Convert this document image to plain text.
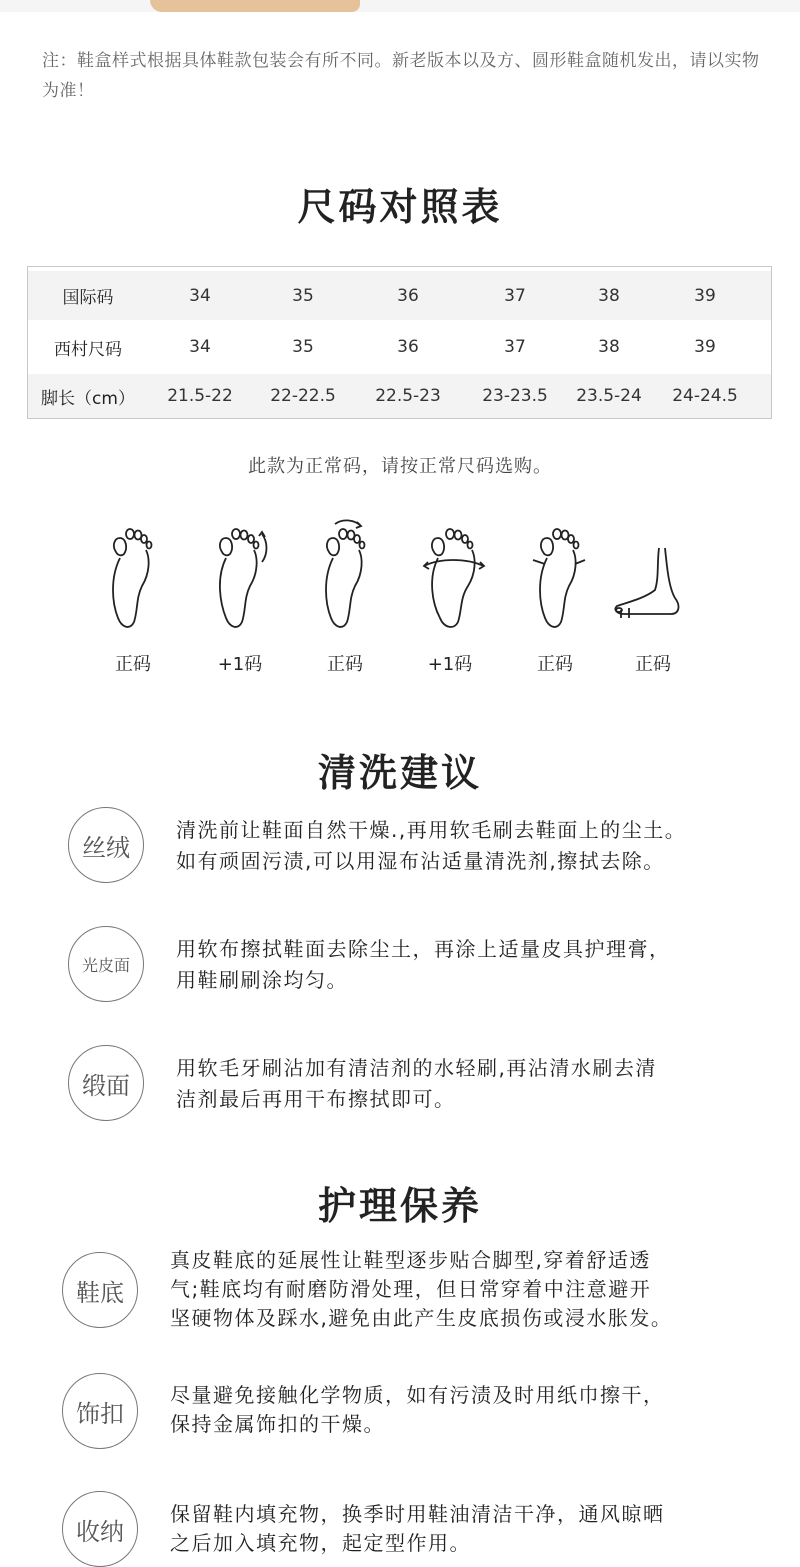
注：鞋盒样式根据具体鞋款包装会有所不同。新老版本以及方、圆形鞋盒随机发出，请以实物为准！
尺码对照表
国际码	34	35	36	37	38	39
西村尺码	34	35	36	37	38	39
脚长（cm）	21.5-22	22-22.5	22.5-23	23-23.5	23.5-24	24-24.5
此款为正常码，请按正常尺码选购。
正码	+1码	正码	+1码	正码	正码
清洗建议
丝绒
清洗前让鞋面自然干燥.,再用软毛刷去鞋面上的尘土。
如有顽固污渍,可以用湿布沾适量清洗剂,擦拭去除。
光皮面
用软布擦拭鞋面去除尘土，再涂上适量皮具护理膏，
用鞋刷刷涂均匀。
缎面
用软毛牙刷沾加有清洁剂的水轻刷,再沾清水刷去清
洁剂最后再用干布擦拭即可。
护理保养
鞋底
真皮鞋底的延展性让鞋型逐步贴合脚型,穿着舒适透
气;鞋底均有耐磨防滑处理，但日常穿着中注意避开
坚硬物体及踩水,避免由此产生皮底损伤或浸水胀发。
饰扣
尽量避免接触化学物质，如有污渍及时用纸巾擦干，
保持金属饰扣的干燥。
收纳
保留鞋内填充物，换季时用鞋油清洁干净，通风晾晒
之后加入填充物，起定型作用。
